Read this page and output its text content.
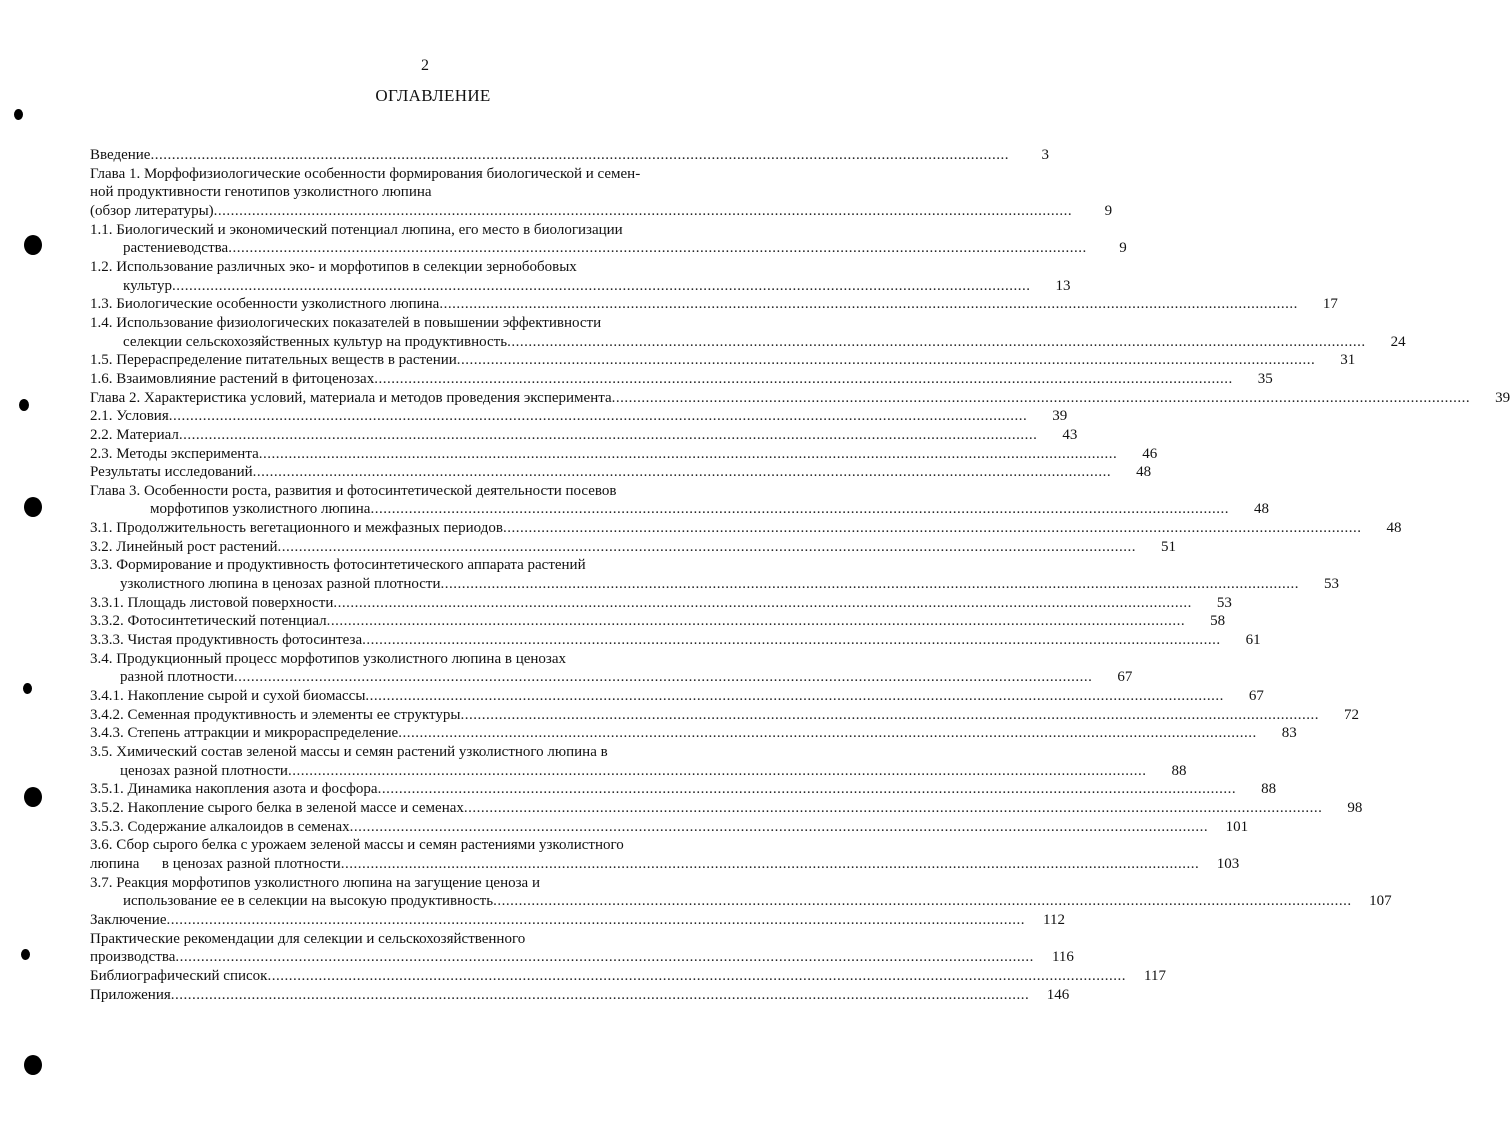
2
ОГЛАВЛЕНИЕ
Введение .....	3
Глава 1. Морфофизиологические особенности формирования биологической и семен-
ной продуктивности генотипов узколистного люпина
(обзор литературы) .....	9
1.1. Биологический и экономический потенциал люпина, его место в биологизации
растениеводства .....	9
1.2. Использование различных эко- и морфотипов в селекции зернобобовых
культур .....	13
1.3. Биологические особенности узколистного люпина .....	17
1.4. Использование физиологических показателей в повышении эффективности
селекции сельскохозяйственных культур на продуктивность .....	24
1.5. Перераспределение питательных веществ в растении .....	31
1.6. Взаимовлияние растений в фитоценозах .....	35
Глава 2. Характеристика условий, материала и методов проведения эксперимента .....	39
2.1. Условия .....	39
2.2. Материал .....	43
2.3. Методы эксперимента .....	46
Результаты исследований .....	48
Глава 3. Особенности роста, развития и фотосинтетической деятельности посевов
морфотипов узколистного люпина .....	48
3.1. Продолжительность вегетационного и межфазных периодов .....	48
3.2. Линейный рост растений .....	51
3.3. Формирование и продуктивность фотосинтетического аппарата растений
узколистного люпина в ценозах разной плотности .....	53
3.3.1. Площадь листовой поверхности .....	53
3.3.2. Фотосинтетический потенциал .....	58
3.3.3. Чистая продуктивность фотосинтеза .....	61
3.4. Продукционный процесс морфотипов узколистного люпина в ценозах
разной плотности .....	67
3.4.1. Накопление сырой и сухой биомассы .....	67
3.4.2. Семенная продуктивность и элементы ее структуры .....	72
3.4.3. Степень аттракции и микрораспределение .....	83
3.5. Химический состав зеленой массы и семян растений узколистного люпина в
ценозах разной плотности .....	88
3.5.1. Динамика накопления азота и фосфора .....	88
3.5.2. Накопление сырого белка в зеленой массе и семенах .....	98
3.5.3. Содержание алкалоидов в семенах .....	101
3.6. Сбор сырого белка с урожаем зеленой массы и семян растениями узколистного
люпина      в ценозах разной плотности .....	103
3.7. Реакция морфотипов узколистного люпина на загущение ценоза и
использование ее в селекции на высокую продуктивность .....	107
Заключение .....	112
Практические рекомендации для селекции и сельскохозяйственного
производства .....	116
Библиографический список .....	117
Приложения .....	146
